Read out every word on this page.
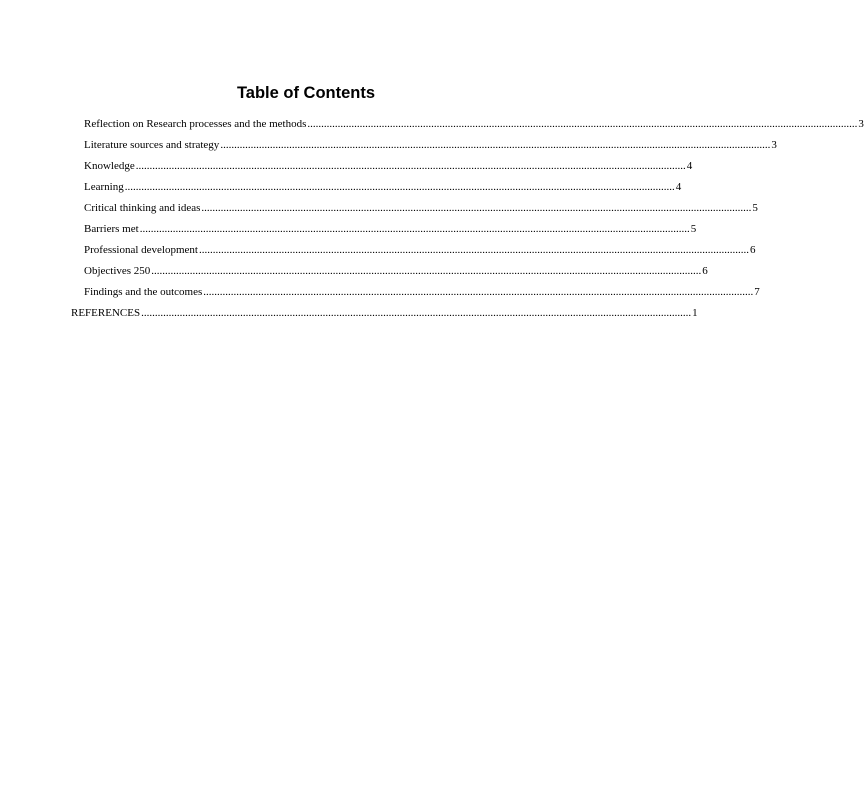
Table of Contents
Reflection on Research processes and the methods ........................................................................................................................................................................................................ 3
Literature sources and strategy ........................................................................................................................................................................................................ 3
Knowledge ........................................................................................................................................................................................................ 4
Learning ........................................................................................................................................................................................................ 4
Critical thinking and ideas ........................................................................................................................................................................................................ 5
Barriers met ........................................................................................................................................................................................................ 5
Professional development ........................................................................................................................................................................................................ 6
Objectives 250 ........................................................................................................................................................................................................ 6
Findings and the outcomes ........................................................................................................................................................................................................ 7
REFERENCES ........................................................................................................................................................................................................ 1
